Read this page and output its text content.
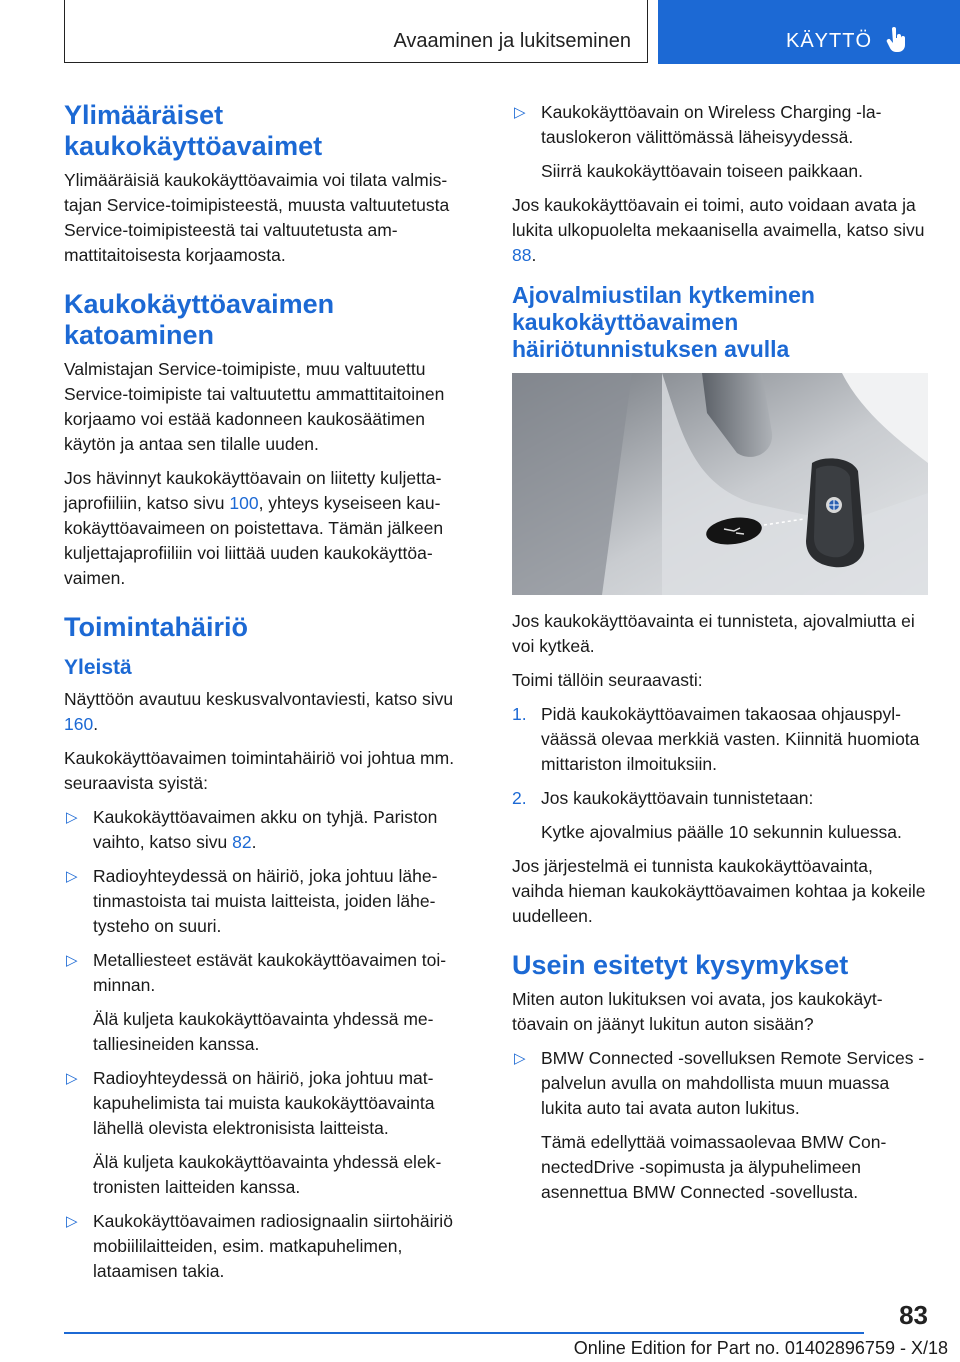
Avaaminen ja lukitseminen	KÄYTTÖ
Ylimääräiset kaukokäyttöavaimet

Ylimääräisiä kaukokäyttöavaimia voi tilata valmistajan Service-toimipisteestä, muusta valtuutetusta Service-toimipisteestä tai valtuutetusta ammattitaitoisesta korjaamosta.

Kaukokäyttöavaimen katoaminen

Valmistajan Service-toimipiste, muu valtuutettu Service-toimipiste tai valtuutettu ammattitaitoinen korjaamo voi estää kadonneen kaukosäätimen käytön ja antaa sen tilalle uuden.

Jos hävinnyt kaukokäyttöavain on liitetty kuljettajaprofiiliin, katso sivu 100, yhteys kyseiseen kaukokäyttöavaimeen on poistettava. Tämän jälkeen kuljettajaprofiiliin voi liittää uuden kaukokäyttöavaimen.

Toimintahäiriö
Yleistä

Näyttöön avautuu keskusvalvontaviesti, katso sivu 160.

Kaukokäyttöavaimen toimintahäiriö voi johtua mm. seuraavista syistä:

▷ Kaukokäyttöavaimen akku on tyhjä. Pariston vaihto, katso sivu 82.
▷ Radioyhteydessä on häiriö, joka johtuu lähetinmastoista tai muista laitteista, joiden lähetysteho on suuri.
▷ Metalliesteet estävät kaukokäyttöavaimen toiminnan.
Älä kuljeta kaukokäyttöavainta yhdessä metalliesineiden kanssa.
▷ Radioyhteydessä on häiriö, joka johtuu matkapuhelimista tai muista kaukokäyttöavainta lähellä olevista elektronisista laitteista.
Älä kuljeta kaukokäyttöavainta yhdessä elektronisten laitteiden kanssa.
▷ Kaukokäyttöavaimen radiosignaalin siirtohäiriö mobiililaitteiden, esim. matkapuhelimen, lataamisen takia.
▷ Kaukokäyttöavain on Wireless Charging -latauslokeron välittömässä läheisyydessä.
Siirrä kaukokäyttöavain toiseen paikkaan.

Jos kaukokäyttöavain ei toimi, auto voidaan avata ja lukita ulkopuolelta mekaanisella avaimella, katso sivu 88.

Ajovalmiustilan kytkeminen kaukokäyttöavaimen häiriötunnistuksen avulla

Jos kaukokäyttöavainta ei tunnisteta, ajovalmiutta ei voi kytkeä.

Toimi tällöin seuraavasti:

1. Pidä kaukokäyttöavaimen takaosaa ohjauspylväässä olevaa merkkiä vasten. Kiinnitä huomiota mittariston ilmoituksiin.
2. Jos kaukokäyttöavain tunnistetaan:
Kytke ajovalmius päälle 10 sekunnin kuluessa.

Jos järjestelmä ei tunnista kaukokäyttöavainta, vaihda hieman kaukokäyttöavaimen kohtaa ja kokeile uudelleen.

Usein esitetyt kysymykset

Miten auton lukituksen voi avata, jos kaukokäyttöavain on jäänyt lukitun auton sisään?

▷ BMW Connected -sovelluksen Remote Services -palvelun avulla on mahdollista muun muassa lukita auto tai avata auton lukitus.
Tämä edellyttää voimassaolevaa BMW ConnectedDrive -sopimusta ja älypuhelimeen asennettua BMW Connected -sovellusta.
83
Online Edition for Part no. 01402896759 - X/18
